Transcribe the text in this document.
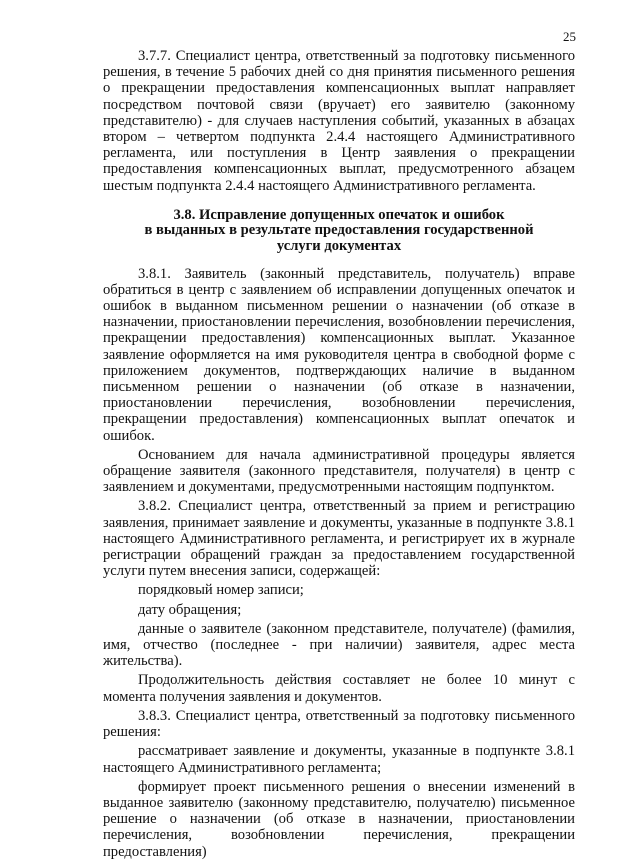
25

3.7.7. Специалист центра, ответственный за подготовку письменного решения, в течение 5 рабочих дней со дня принятия письменного решения о прекращении предоставления компенсационных выплат направляет посредством почтовой связи (вручает) его заявителю (законному представителю) - для случаев наступления событий, указанных в абзацах втором – четвертом подпункта 2.4.4 настоящего Административного регламента, или поступления в Центр заявления о прекращении предоставления компенсационных выплат, предусмотренного абзацем шестым подпункта 2.4.4 настоящего Административного регламента.

3.8. Исправление допущенных опечаток и ошибок
в выданных в результате предоставления государственной
услуги документах

3.8.1. Заявитель (законный представитель, получатель) вправе обратиться в центр с заявлением об исправлении допущенных опечаток и ошибок в выданном письменном решении о назначении (об отказе в назначении, приостановлении перечисления, возобновлении перечисления, прекращении предоставления) компенсационных выплат. Указанное заявление оформляется на имя руководителя центра в свободной форме с приложением документов, подтверждающих наличие в выданном письменном решении о назначении (об отказе в назначении, приостановлении перечисления, возобновлении перечисления, прекращении предоставления) компенсационных выплат опечаток и ошибок.

Основанием для начала административной процедуры является обращение заявителя (законного представителя, получателя) в центр с заявлением и документами, предусмотренными настоящим подпунктом.

3.8.2. Специалист центра, ответственный за прием и регистрацию заявления, принимает заявление и документы, указанные в подпункте 3.8.1 настоящего Административного регламента, и регистрирует их в журнале регистрации обращений граждан за предоставлением государственной услуги путем внесения записи, содержащей:

порядковый номер записи;

дату обращения;

данные о заявителе (законном представителе, получателе) (фамилия, имя, отчество (последнее - при наличии) заявителя, адрес места жительства).

Продолжительность действия составляет не более 10 минут с момента получения заявления и документов.

3.8.3. Специалист центра, ответственный за подготовку письменного решения:

рассматривает заявление и документы, указанные в подпункте 3.8.1 настоящего Административного регламента;

формирует проект письменного решения о внесении изменений в выданное заявителю (законному представителю, получателю) письменное решение о назначении (об отказе в назначении, приостановлении перечисления, возобновлении перечисления, прекращении предоставления)
